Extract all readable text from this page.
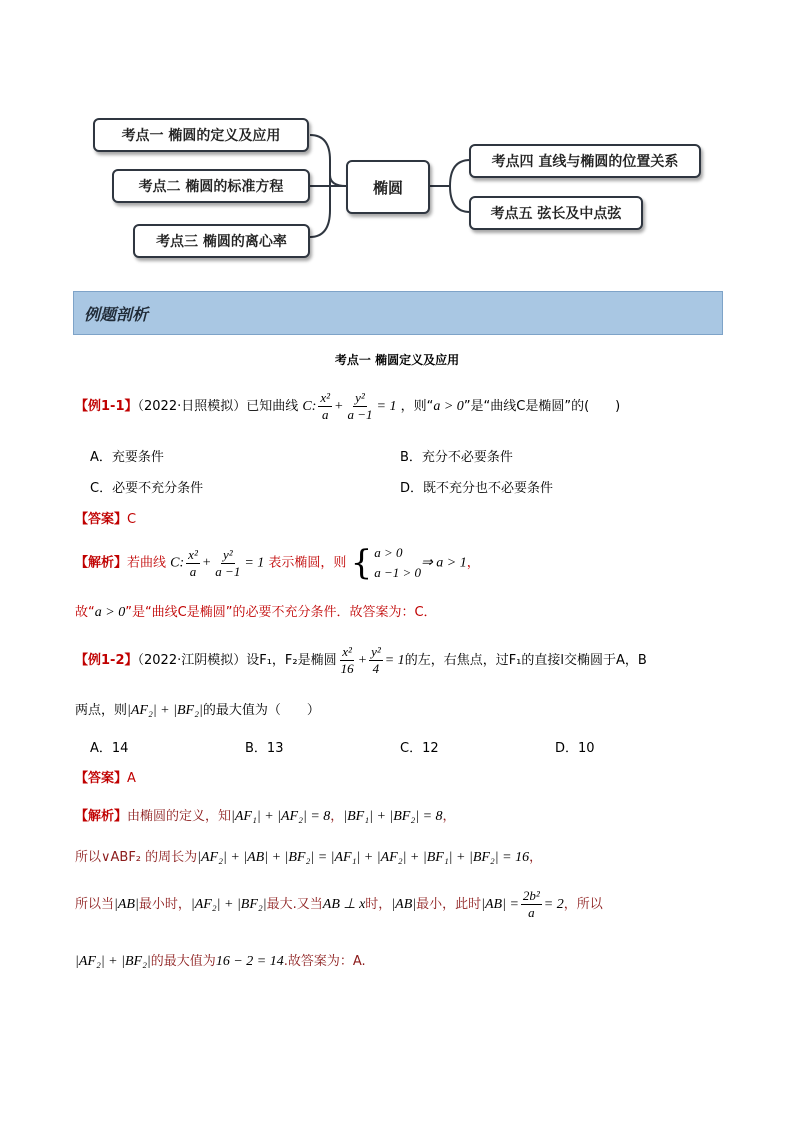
考点一 椭圆的定义及应用
考点二 椭圆的标准方程
考点三 椭圆的离心率
椭圆
考点四 直线与椭圆的位置关系
考点五 弦长及中点弦
例题剖析
考点一 椭圆定义及应用
【例1-1】（2022·日照模拟）已知曲线 C: $\frac{\text{x²}}{a} + \frac{\text{y²}}{a -1} = 1$ ，则“a > 0”是“曲线C是椭圆”的(　　)
A．充要条件	B．充分不必要条件
C．必要不充分条件	D．既不充分也不必要条件
【答案】C
【解析】若曲线 C: $\frac{\text{x²}}{a} + \frac{\text{y²}}{a -1} = 1$ 表示椭圆，则 { a > 0
a −1 > 0
⇒ a > 1，
故“a > 0”是“曲线C是椭圆”的必要不充分条件．故答案为：C．
【例1-2】（2022·江阴模拟）设F₁，F₂是椭圆 $\frac{\text{x²}}{16} + \frac{\text{y²}}{4} = 1$的左，右焦点，过F₁的直接l交椭圆于A，B
两点，则|AF₂| + |BF₂|的最大值为（　　）
A．14	B．13	C．12	D．10
【答案】A
【解析】由椭圆的定义，知|AF₁| + |AF₂| = 8，|BF₁| + |BF₂| = 8，
所以∨ABF₂ 的周长为|AF₂| + |AB| + |BF₂| = |AF₁| + |AF₂| + |BF₁| + |BF₂| = 16，
所以当|AB|最小时，|AF₂| + |BF₂|最大.又当AB ⊥ x时，|AB|最小，此时$|AB| = \frac{\text{2b²}}{a} = 2$，所以
|AF₂| + |BF₂|的最大值为16 − 2 = 14.故答案为：A.
